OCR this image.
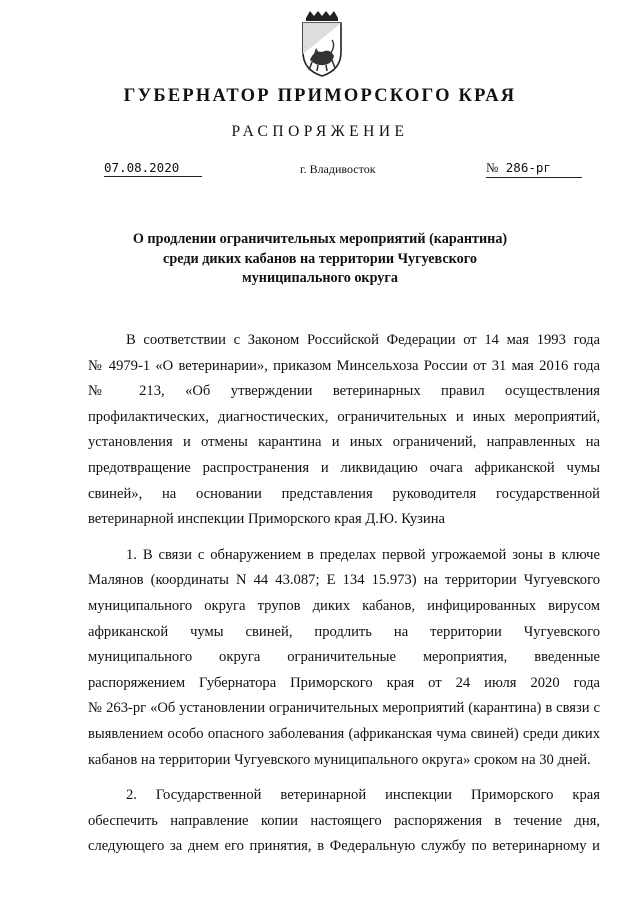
ГУБЕРНАТОР ПРИМОРСКОГО КРАЯ
РАСПОРЯЖЕНИЕ
07.08.2020	г. Владивосток	№ 286-рг
О продлении ограничительных мероприятий (карантина)
среди диких кабанов на территории Чугуевского
муниципального округа
В соответствии с Законом Российской Федерации от 14 мая 1993 года
№ 4979-1 «О ветеринарии», приказом Минсельхоза России от 31 мая 2016 года
№ 213, «Об утверждении ветеринарных правил осуществления
профилактических, диагностических, ограничительных и иных мероприятий,
установления и отмены карантина и иных ограничений, направленных на
предотвращение распространения и ликвидацию очага африканской чумы
свиней», на основании представления руководителя государственной
ветеринарной инспекции Приморского края Д.Ю. Кузина
1. В связи с обнаружением в пределах первой угрожаемой зоны в ключе
Малянов (координаты N 44 43.087; Е 134 15.973) на территории Чугуевского
муниципального округа трупов диких кабанов, инфицированных вирусом
африканской чумы свиней, продлить на территории Чугуевского
муниципального округа ограничительные мероприятия, введенные
распоряжением Губернатора Приморского края от 24 июля 2020 года
№ 263-рг «Об установлении ограничительных мероприятий (карантина) в связи с
выявлением особо опасного заболевания (африканская чума свиней) среди диких
кабанов на территории Чугуевского муниципального округа» сроком на 30 дней.
2. Государственной ветеринарной инспекции Приморского края
обеспечить направление копии настоящего распоряжения в течение дня,
следующего за днем его принятия, в Федеральную службу по ветеринарному и
